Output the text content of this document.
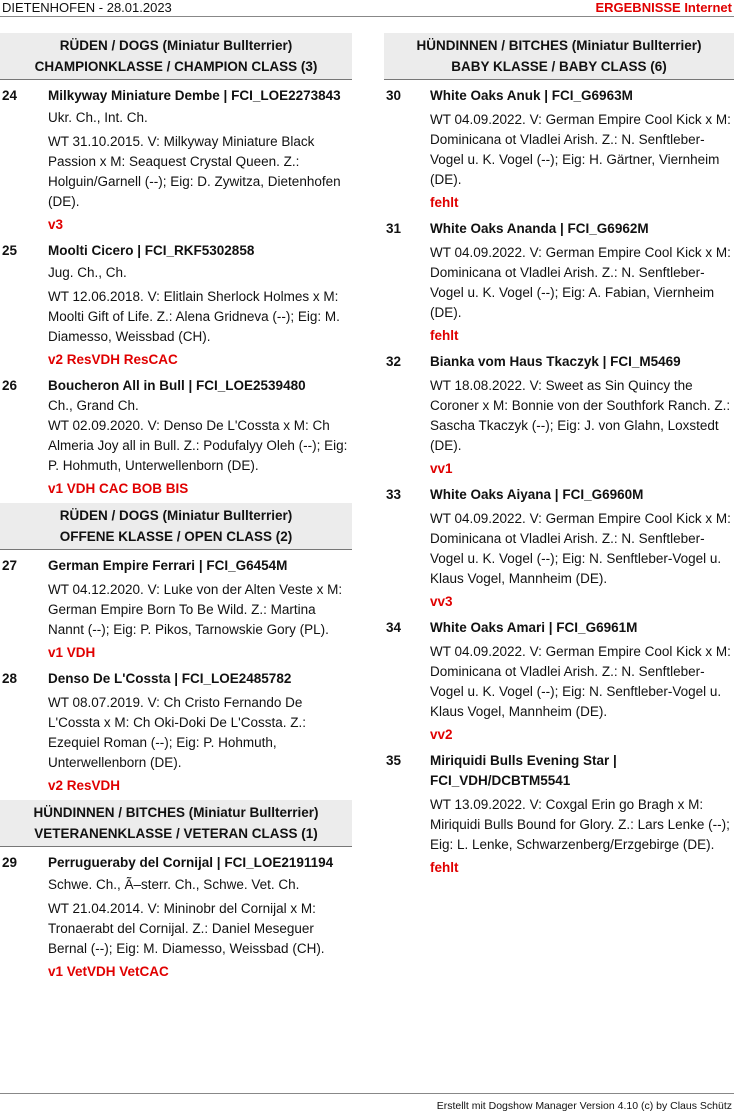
DIETENHOFEN - 28.01.2023	ERGEBNISSE Internet
RÜDEN / DOGS (Miniatur Bullterrier)
CHAMPIONKLASSE / CHAMPION CLASS (3)
24 Milkyway Miniature Dembe | FCI_LOE2273843
Ukr. Ch., Int. Ch.
WT 31.10.2015. V: Milkyway Miniature Black Passion x M: Seaquest Crystal Queen. Z.: Holguin/Garnell (--); Eig: D. Zywitza, Dietenhofen (DE).
v3
25 Moolti Cicero | FCI_RKF5302858
Jug. Ch., Ch.
WT 12.06.2018. V: Elitlain Sherlock Holmes x M: Moolti Gift of Life. Z.: Alena Gridneva (--); Eig: M. Diamesso, Weissbad (CH).
v2 ResVDH ResCAC
26 Boucheron All in Bull | FCI_LOE2539480
Ch., Grand Ch.
WT 02.09.2020. V: Denso De L'Cossta x M: Ch Almeria Joy all in Bull. Z.: Podufalyy Oleh (--); Eig: P. Hohmuth, Unterwellenborn (DE).
v1 VDH CAC BOB BIS
RÜDEN / DOGS (Miniatur Bullterrier)
OFFENE KLASSE / OPEN CLASS (2)
27 German Empire Ferrari | FCI_G6454M
WT 04.12.2020. V: Luke von der Alten Veste x M: German Empire Born To Be Wild. Z.: Martina Nannt (--); Eig: P. Pikos, Tarnowskie Gory (PL).
v1 VDH
28 Denso De L'Cossta | FCI_LOE2485782
WT 08.07.2019. V: Ch Cristo Fernando De L'Cossta x M: Ch Oki-Doki De L'Cossta. Z.: Ezequiel Roman (--); Eig: P. Hohmuth, Unterwellenborn (DE).
v2 ResVDH
HÜNDINNEN / BITCHES (Miniatur Bullterrier)
VETERANENKLASSE / VETERAN CLASS (1)
29 Perrugueraby del Cornijal | FCI_LOE2191194
Schwe. Ch., Ã–sterr. Ch., Schwe. Vet. Ch.
WT 21.04.2014. V: Mininobr del Cornijal x M: Tronaerabt del Cornijal. Z.: Daniel Meseguer Bernal (--); Eig: M. Diamesso, Weissbad (CH).
v1 VetVDH VetCAC
HÜNDINNEN / BITCHES (Miniatur Bullterrier)
BABY KLASSE / BABY CLASS (6)
30 White Oaks Anuk | FCI_G6963M
WT 04.09.2022. V: German Empire Cool Kick x M: Dominicana ot Vladlei Arish. Z.: N. Senftleber-Vogel u. K. Vogel (--); Eig: H. Gärtner, Viernheim (DE).
fehlt
31 White Oaks Ananda | FCI_G6962M
WT 04.09.2022. V: German Empire Cool Kick x M: Dominicana ot Vladlei Arish. Z.: N. Senftleber-Vogel u. K. Vogel (--); Eig: A. Fabian, Viernheim (DE).
fehlt
32 Bianka vom Haus Tkaczyk | FCI_M5469
WT 18.08.2022. V: Sweet as Sin Quincy the Coroner x M: Bonnie von der Southfork Ranch. Z.: Sascha Tkaczyk (--); Eig: J. von Glahn, Loxstedt (DE).
vv1
33 White Oaks Aiyana | FCI_G6960M
WT 04.09.2022. V: German Empire Cool Kick x M: Dominicana ot Vladlei Arish. Z.: N. Senftleber-Vogel u. K. Vogel (--); Eig: N. Senftleber-Vogel u. Klaus Vogel, Mannheim (DE).
vv3
34 White Oaks Amari | FCI_G6961M
WT 04.09.2022. V: German Empire Cool Kick x M: Dominicana ot Vladlei Arish. Z.: N. Senftleber-Vogel u. K. Vogel (--); Eig: N. Senftleber-Vogel u. Klaus Vogel, Mannheim (DE).
vv2
35 Miriquidi Bulls Evening Star | FCI_VDH/DCBTM5541
WT 13.09.2022. V: Coxgal Erin go Bragh x M: Miriquidi Bulls Bound for Glory. Z.: Lars Lenke (--); Eig: L. Lenke, Schwarzenberg/Erzgebirge (DE).
fehlt
Erstellt mit Dogshow Manager Version 4.10 (c) by Claus Schütz
